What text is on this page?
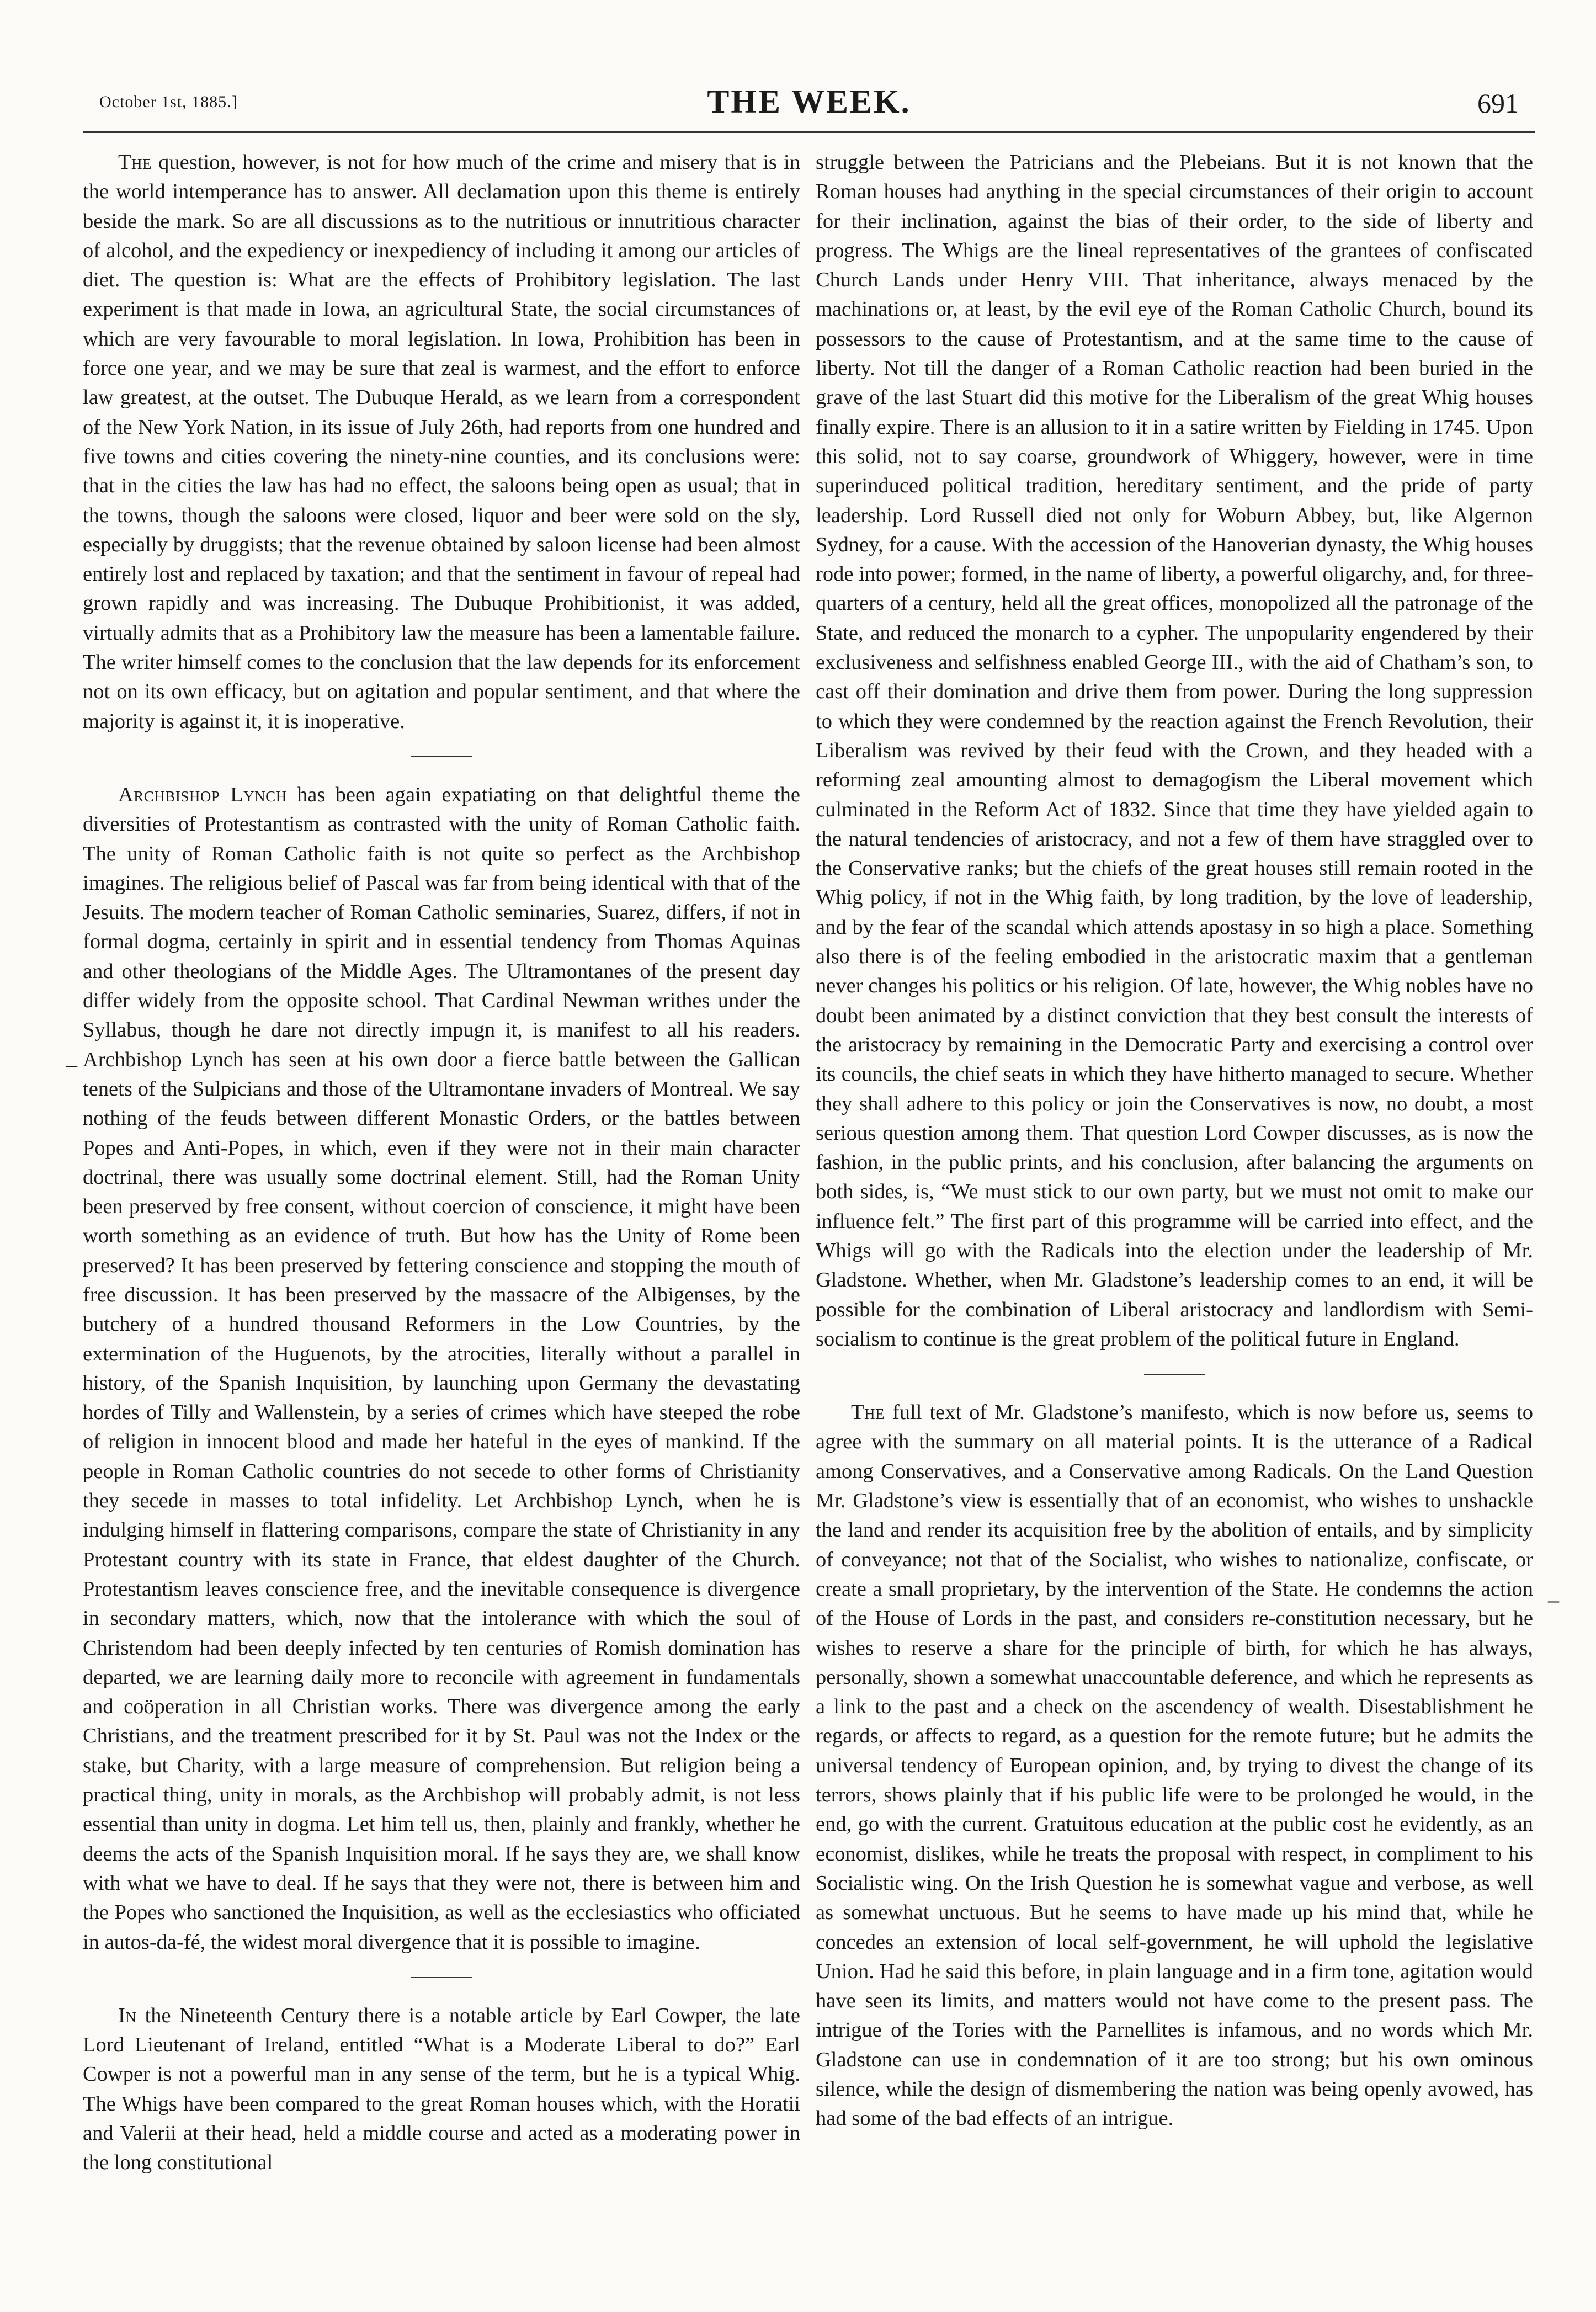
October 1st, 1885.]	THE WEEK.	691

The question, however, is not for how much of the crime and misery that is in the world intemperance has to answer. All declamation upon this theme is entirely beside the mark. So are all discussions as to the nutritious or innutritious character of alcohol, and the expediency or inexpediency of including it among our articles of diet. The question is: What are the effects of Prohibitory legislation. The last experiment is that made in Iowa, an agricultural State, the social circumstances of which are very favourable to moral legislation. In Iowa, Prohibition has been in force one year, and we may be sure that zeal is warmest, and the effort to enforce law greatest, at the outset. The Dubuque Herald, as we learn from a correspondent of the New York Nation, in its issue of July 26th, had reports from one hundred and five towns and cities covering the ninety-nine counties, and its conclusions were: that in the cities the law has had no effect, the saloons being open as usual; that in the towns, though the saloons were closed, liquor and beer were sold on the sly, especially by druggists; that the revenue obtained by saloon license had been almost entirely lost and replaced by taxation; and that the sentiment in favour of repeal had grown rapidly and was increasing. The Dubuque Prohibitionist, it was added, virtually admits that as a Prohibitory law the measure has been a lamentable failure. The writer himself comes to the conclusion that the law depends for its enforcement not on its own efficacy, but on agitation and popular sentiment, and that where the majority is against it, it is inoperative.

Archbishop Lynch has been again expatiating on that delightful theme the diversities of Protestantism as contrasted with the unity of Roman Catholic faith. The unity of Roman Catholic faith is not quite so perfect as the Archbishop imagines. The religious belief of Pascal was far from being identical with that of the Jesuits. The modern teacher of Roman Catholic seminaries, Suarez, differs, if not in formal dogma, certainly in spirit and in essential tendency from Thomas Aquinas and other theologians of the Middle Ages. The Ultramontanes of the present day differ widely from the opposite school. That Cardinal Newman writhes under the Syllabus, though he dare not directly impugn it, is manifest to all his readers. Archbishop Lynch has seen at his own door a fierce battle between the Gallican tenets of the Sulpicians and those of the Ultramontane invaders of Montreal. We say nothing of the feuds between different Monastic Orders, or the battles between Popes and Anti-Popes, in which, even if they were not in their main character doctrinal, there was usually some doctrinal element. Still, had the Roman Unity been preserved by free consent, without coercion of conscience, it might have been worth something as an evidence of truth. But how has the Unity of Rome been preserved? It has been preserved by fettering conscience and stopping the mouth of free discussion. It has been preserved by the massacre of the Albigenses, by the butchery of a hundred thousand Reformers in the Low Countries, by the extermination of the Huguenots, by the atrocities, literally without a parallel in history, of the Spanish Inquisition, by launching upon Germany the devastating hordes of Tilly and Wallenstein, by a series of crimes which have steeped the robe of religion in innocent blood and made her hateful in the eyes of mankind. If the people in Roman Catholic countries do not secede to other forms of Christianity they secede in masses to total infidelity. Let Archbishop Lynch, when he is indulging himself in flattering comparisons, compare the state of Christianity in any Protestant country with its state in France, that eldest daughter of the Church. Protestantism leaves conscience free, and the inevitable consequence is divergence in secondary matters, which, now that the intolerance with which the soul of Christendom had been deeply infected by ten centuries of Romish domination has departed, we are learning daily more to reconcile with agreement in fundamentals and coöperation in all Christian works. There was divergence among the early Christians, and the treatment prescribed for it by St. Paul was not the Index or the stake, but Charity, with a large measure of comprehension. But religion being a practical thing, unity in morals, as the Archbishop will probably admit, is not less essential than unity in dogma. Let him tell us, then, plainly and frankly, whether he deems the acts of the Spanish Inquisition moral. If he says they are, we shall know with what we have to deal. If he says that they were not, there is between him and the Popes who sanctioned the Inquisition, as well as the ecclesiastics who officiated in autos-da-fé, the widest moral divergence that it is possible to imagine.

In the Nineteenth Century there is a notable article by Earl Cowper, the late Lord Lieutenant of Ireland, entitled “What is a Moderate Liberal to do?” Earl Cowper is not a powerful man in any sense of the term, but he is a typical Whig. The Whigs have been compared to the great Roman houses which, with the Horatii and Valerii at their head, held a middle course and acted as a moderating power in the long constitutional

struggle between the Patricians and the Plebeians. But it is not known that the Roman houses had anything in the special circumstances of their origin to account for their inclination, against the bias of their order, to the side of liberty and progress. The Whigs are the lineal representatives of the grantees of confiscated Church Lands under Henry VIII. That inheritance, always menaced by the machinations or, at least, by the evil eye of the Roman Catholic Church, bound its possessors to the cause of Protestantism, and at the same time to the cause of liberty. Not till the danger of a Roman Catholic reaction had been buried in the grave of the last Stuart did this motive for the Liberalism of the great Whig houses finally expire. There is an allusion to it in a satire written by Fielding in 1745. Upon this solid, not to say coarse, groundwork of Whiggery, however, were in time superinduced political tradition, hereditary sentiment, and the pride of party leadership. Lord Russell died not only for Woburn Abbey, but, like Algernon Sydney, for a cause. With the accession of the Hanoverian dynasty, the Whig houses rode into power; formed, in the name of liberty, a powerful oligarchy, and, for three-quarters of a century, held all the great offices, monopolized all the patronage of the State, and reduced the monarch to a cypher. The unpopularity engendered by their exclusiveness and selfishness enabled George III., with the aid of Chatham’s son, to cast off their domination and drive them from power. During the long suppression to which they were condemned by the reaction against the French Revolution, their Liberalism was revived by their feud with the Crown, and they headed with a reforming zeal amounting almost to demagogism the Liberal movement which culminated in the Reform Act of 1832. Since that time they have yielded again to the natural tendencies of aristocracy, and not a few of them have straggled over to the Conservative ranks; but the chiefs of the great houses still remain rooted in the Whig policy, if not in the Whig faith, by long tradition, by the love of leadership, and by the fear of the scandal which attends apostasy in so high a place. Something also there is of the feeling embodied in the aristocratic maxim that a gentleman never changes his politics or his religion. Of late, however, the Whig nobles have no doubt been animated by a distinct conviction that they best consult the interests of the aristocracy by remaining in the Democratic Party and exercising a control over its councils, the chief seats in which they have hitherto managed to secure. Whether they shall adhere to this policy or join the Conservatives is now, no doubt, a most serious question among them. That question Lord Cowper discusses, as is now the fashion, in the public prints, and his conclusion, after balancing the arguments on both sides, is, “We must stick to our own party, but we must not omit to make our influence felt.” The first part of this programme will be carried into effect, and the Whigs will go with the Radicals into the election under the leadership of Mr. Gladstone. Whether, when Mr. Gladstone’s leadership comes to an end, it will be possible for the combination of Liberal aristocracy and landlordism with Semi-socialism to continue is the great problem of the political future in England.

The full text of Mr. Gladstone’s manifesto, which is now before us, seems to agree with the summary on all material points. It is the utterance of a Radical among Conservatives, and a Conservative among Radicals. On the Land Question Mr. Gladstone’s view is essentially that of an economist, who wishes to unshackle the land and render its acquisition free by the abolition of entails, and by simplicity of conveyance; not that of the Socialist, who wishes to nationalize, confiscate, or create a small proprietary, by the intervention of the State. He condemns the action of the House of Lords in the past, and considers re-constitution necessary, but he wishes to reserve a share for the principle of birth, for which he has always, personally, shown a somewhat unaccountable deference, and which he represents as a link to the past and a check on the ascendency of wealth. Disestablishment he regards, or affects to regard, as a question for the remote future; but he admits the universal tendency of European opinion, and, by trying to divest the change of its terrors, shows plainly that if his public life were to be prolonged he would, in the end, go with the current. Gratuitous education at the public cost he evidently, as an economist, dislikes, while he treats the proposal with respect, in compliment to his Socialistic wing. On the Irish Question he is somewhat vague and verbose, as well as somewhat unctuous. But he seems to have made up his mind that, while he concedes an extension of local self-government, he will uphold the legislative Union. Had he said this before, in plain language and in a firm tone, agitation would have seen its limits, and matters would not have come to the present pass. The intrigue of the Tories with the Parnellites is infamous, and no words which Mr. Gladstone can use in condemnation of it are too strong; but his own ominous silence, while the design of dismembering the nation was being openly avowed, has had some of the bad effects of an intrigue.

–
–
